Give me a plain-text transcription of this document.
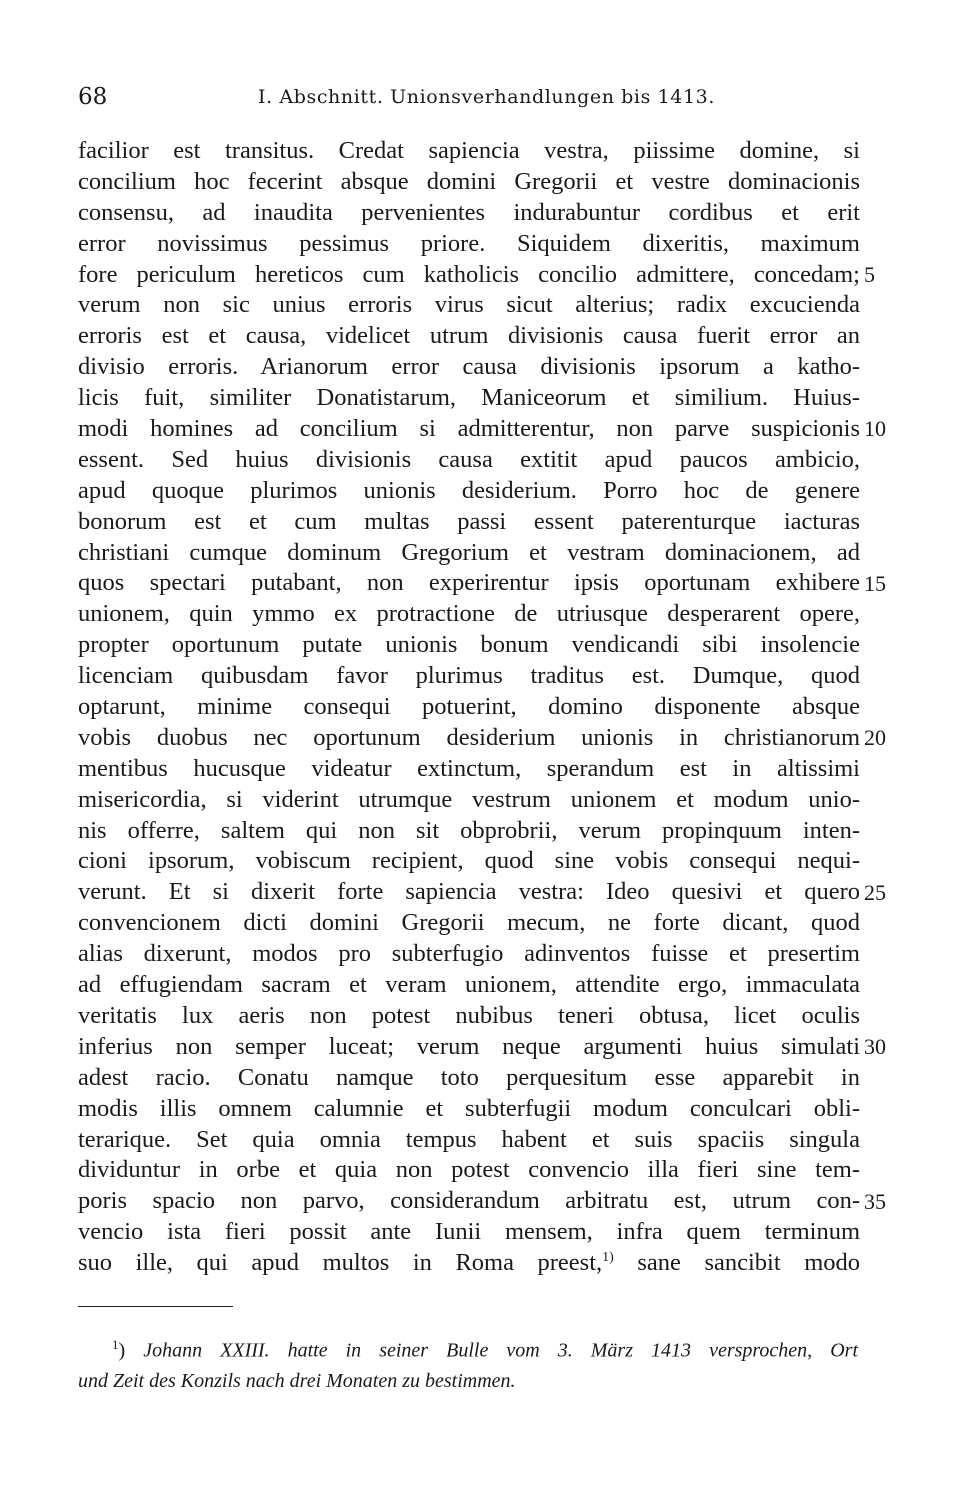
68	I. Abschnitt. Unionsverhandlungen bis 1413.
facilior est transitus. Credat sapiencia vestra, piissime domine, si
concilium hoc fecerint absque domini Gregorii et vestre dominacionis
consensu, ad inaudita pervenientes indurabuntur cordibus et erit
error novissimus pessimus priore. Siquidem dixeritis, maximum
fore periculum hereticos cum katholicis concilio admittere, concedam;
verum non sic unius erroris virus sicut alterius; radix excucienda
erroris est et causa, videlicet utrum divisionis causa fuerit error an
divisio erroris. Arianorum error causa divisionis ipsorum a katho-
licis fuit, similiter Donatistarum, Maniceorum et similium. Huius-
modi homines ad concilium si admitterentur, non parve suspicionis
essent. Sed huius divisionis causa extitit apud paucos ambicio,
apud quoque plurimos unionis desiderium. Porro hoc de genere
bonorum est et cum multas passi essent paterenturque iacturas
christiani cumque dominum Gregorium et vestram dominacionem, ad
quos spectari putabant, non experirentur ipsis oportunam exhibere
unionem, quin ymmo ex protractione de utriusque desperarent opere,
propter oportunum putate unionis bonum vendicandi sibi insolencie
licenciam quibusdam favor plurimus traditus est. Dumque, quod
optarunt, minime consequi potuerint, domino disponente absque
vobis duobus nec oportunum desiderium unionis in christianorum
mentibus hucusque videatur extinctum, sperandum est in altissimi
misericordia, si viderint utrumque vestrum unionem et modum unio-
nis offerre, saltem qui non sit obprobrii, verum propinquum inten-
cioni ipsorum, vobiscum recipient, quod sine vobis consequi nequi-
verunt. Et si dixerit forte sapiencia vestra: Ideo quesivi et quero
convencionem dicti domini Gregorii mecum, ne forte dicant, quod
alias dixerunt, modos pro subterfugio adinventos fuisse et presertim
ad effugiendam sacram et veram unionem, attendite ergo, immaculata
veritatis lux aeris non potest nubibus teneri obtusa, licet oculis
inferius non semper luceat; verum neque argumenti huius simulati
adest racio. Conatu namque toto perquesitum esse apparebit in
modis illis omnem calumnie et subterfugii modum conculcari obli-
terarique. Set quia omnia tempus habent et suis spaciis singula
dividuntur in orbe et quia non potest convencio illa fieri sine tem-
poris spacio non parvo, considerandum arbitratu est, utrum con-
vencio ista fieri possit ante Iunii mensem, infra quem terminum
suo ille, qui apud multos in Roma preest,$^{1)}$ sane sancibit modo
5
10
15
20
25
30
35
$^1$) Johann XXIII. hatte in seiner Bulle vom 3. März 1413 versprochen, Ort
und Zeit des Konzils nach drei Monaten zu bestimmen.
